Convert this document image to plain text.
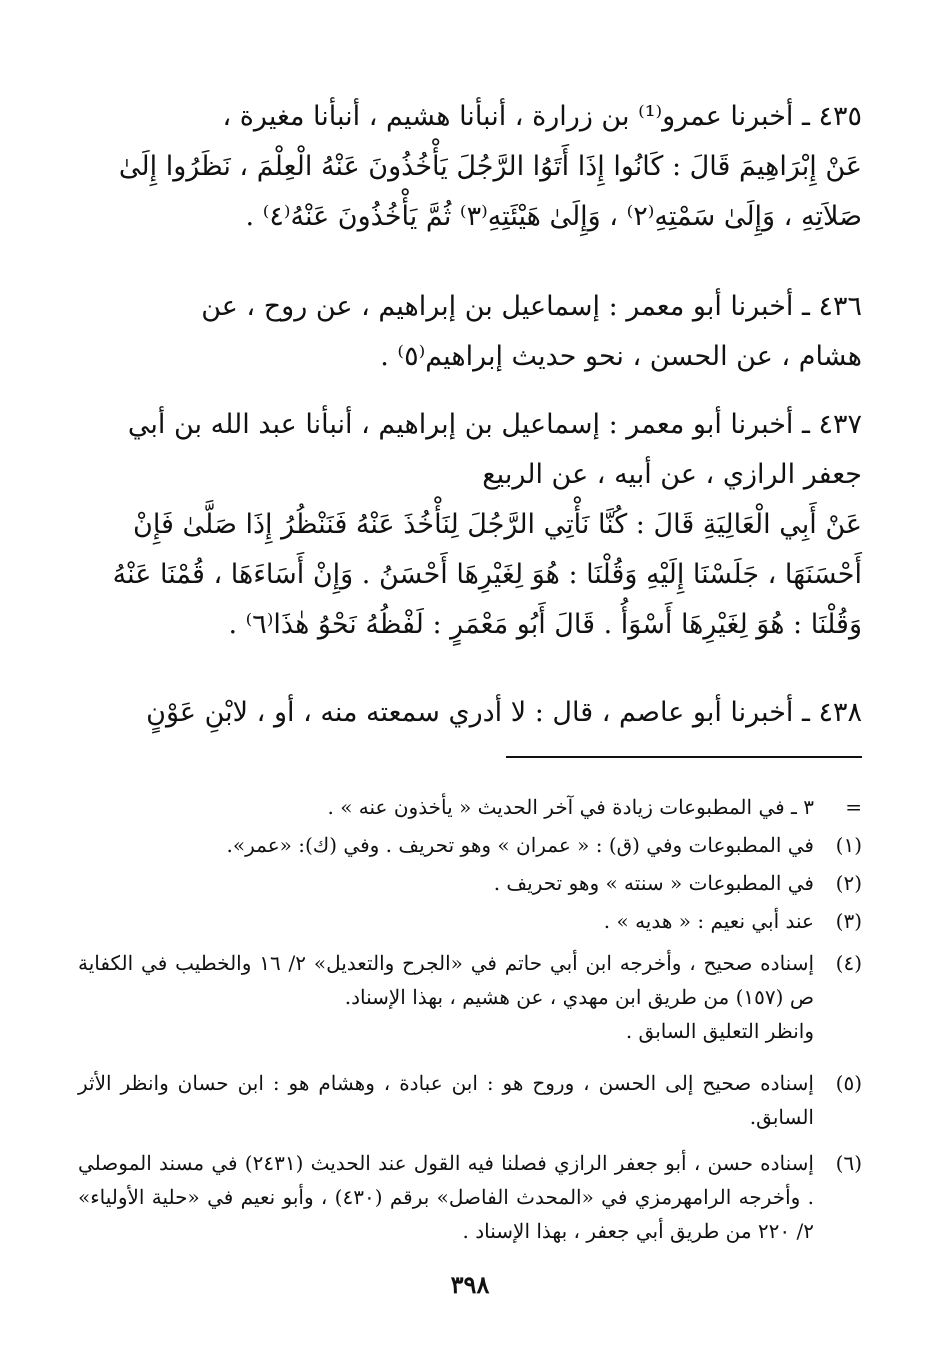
٤٣٥ ـ أخبرنا عمرو⁽¹⁾ بن زرارة ، أنبأنا هشيم ، أنبأنا مغيرة ،
عَنْ إِبْرَاهِيمَ قَالَ : كَانُوا إِذَا أَتَوُا الرَّجُلَ يَأْخُذُونَ عَنْهُ الْعِلْمَ ، نَظَرُوا إِلَىٰ
صَلاَتِهِ ، وَإِلَىٰ سَمْتِهِ⁽٢⁾ ، وَإِلَىٰ هَيْئَتِهِ⁽٣⁾ ثُمَّ يَأْخُذُونَ عَنْهُ⁽٤⁾ .
٤٣٦ ـ أخبرنا أبو معمر : إسماعيل بن إبراهيم ، عن روح ، عن
هشام ، عن الحسن ، نحو حديث إبراهيم⁽٥⁾ .
٤٣٧ ـ أخبرنا أبو معمر : إسماعيل بن إبراهيم ، أنبأنا عبد الله بن أبي
جعفر الرازي ، عن أبيه ، عن الربيع
عَنْ أَبِي الْعَالِيَةِ قَالَ : كُنَّا نَأْتِي الرَّجُلَ لِنَأْخُذَ عَنْهُ فَنَنْظُرُ إِذَا صَلَّىٰ فَإِنْ
أَحْسَنَهَا ، جَلَسْنَا إِلَيْهِ وَقُلْنَا : هُوَ لِغَيْرِهَا أَحْسَنُ . وَإِنْ أَسَاءَهَا ، قُمْنَا عَنْهُ
وَقُلْنَا : هُوَ لِغَيْرِهَا أَسْوَأُ . قَالَ أَبُو مَعْمَرٍ : لَفْظُهُ نَحْوُ هٰذَا⁽٦⁾ .
٤٣٨ ـ أخبرنا أبو عاصم ، قال : لا أدري سمعته منه ، أو ، لابْنِ عَوْنٍ
=
٣ ـ في المطبوعات زيادة في آخر الحديث « يأخذون عنه » .
(١)
في المطبوعات وفي (ق) : « عمران » وهو تحريف . وفي (ك): «عمر».
(٢)
في المطبوعات « سنته » وهو تحريف .
(٣)
عند أبي نعيم : « هديه » .
(٤)
إسناده صحيح ، وأخرجه ابن أبي حاتم في «الجرح والتعديل» ٢/ ١٦ والخطيب في الكفاية ص (١٥٧) من طريق ابن مهدي ، عن هشيم ، بهذا الإسناد.
وانظر التعليق السابق .
(٥)
إسناده صحيح إلى الحسن ، وروح هو : ابن عبادة ، وهشام هو : ابن حسان وانظر الأثر السابق.
(٦)
إسناده حسن ، أبو جعفر الرازي فصلنا فيه القول عند الحديث (٢٤٣١) في مسند الموصلي . وأخرجه الرامهرمزي في «المحدث الفاصل» برقم (٤٣٠) ، وأبو نعيم في «حلية الأولياء» ٢/ ٢٢٠ من طريق أبي جعفر ، بهذا الإسناد .
٣٩٨
